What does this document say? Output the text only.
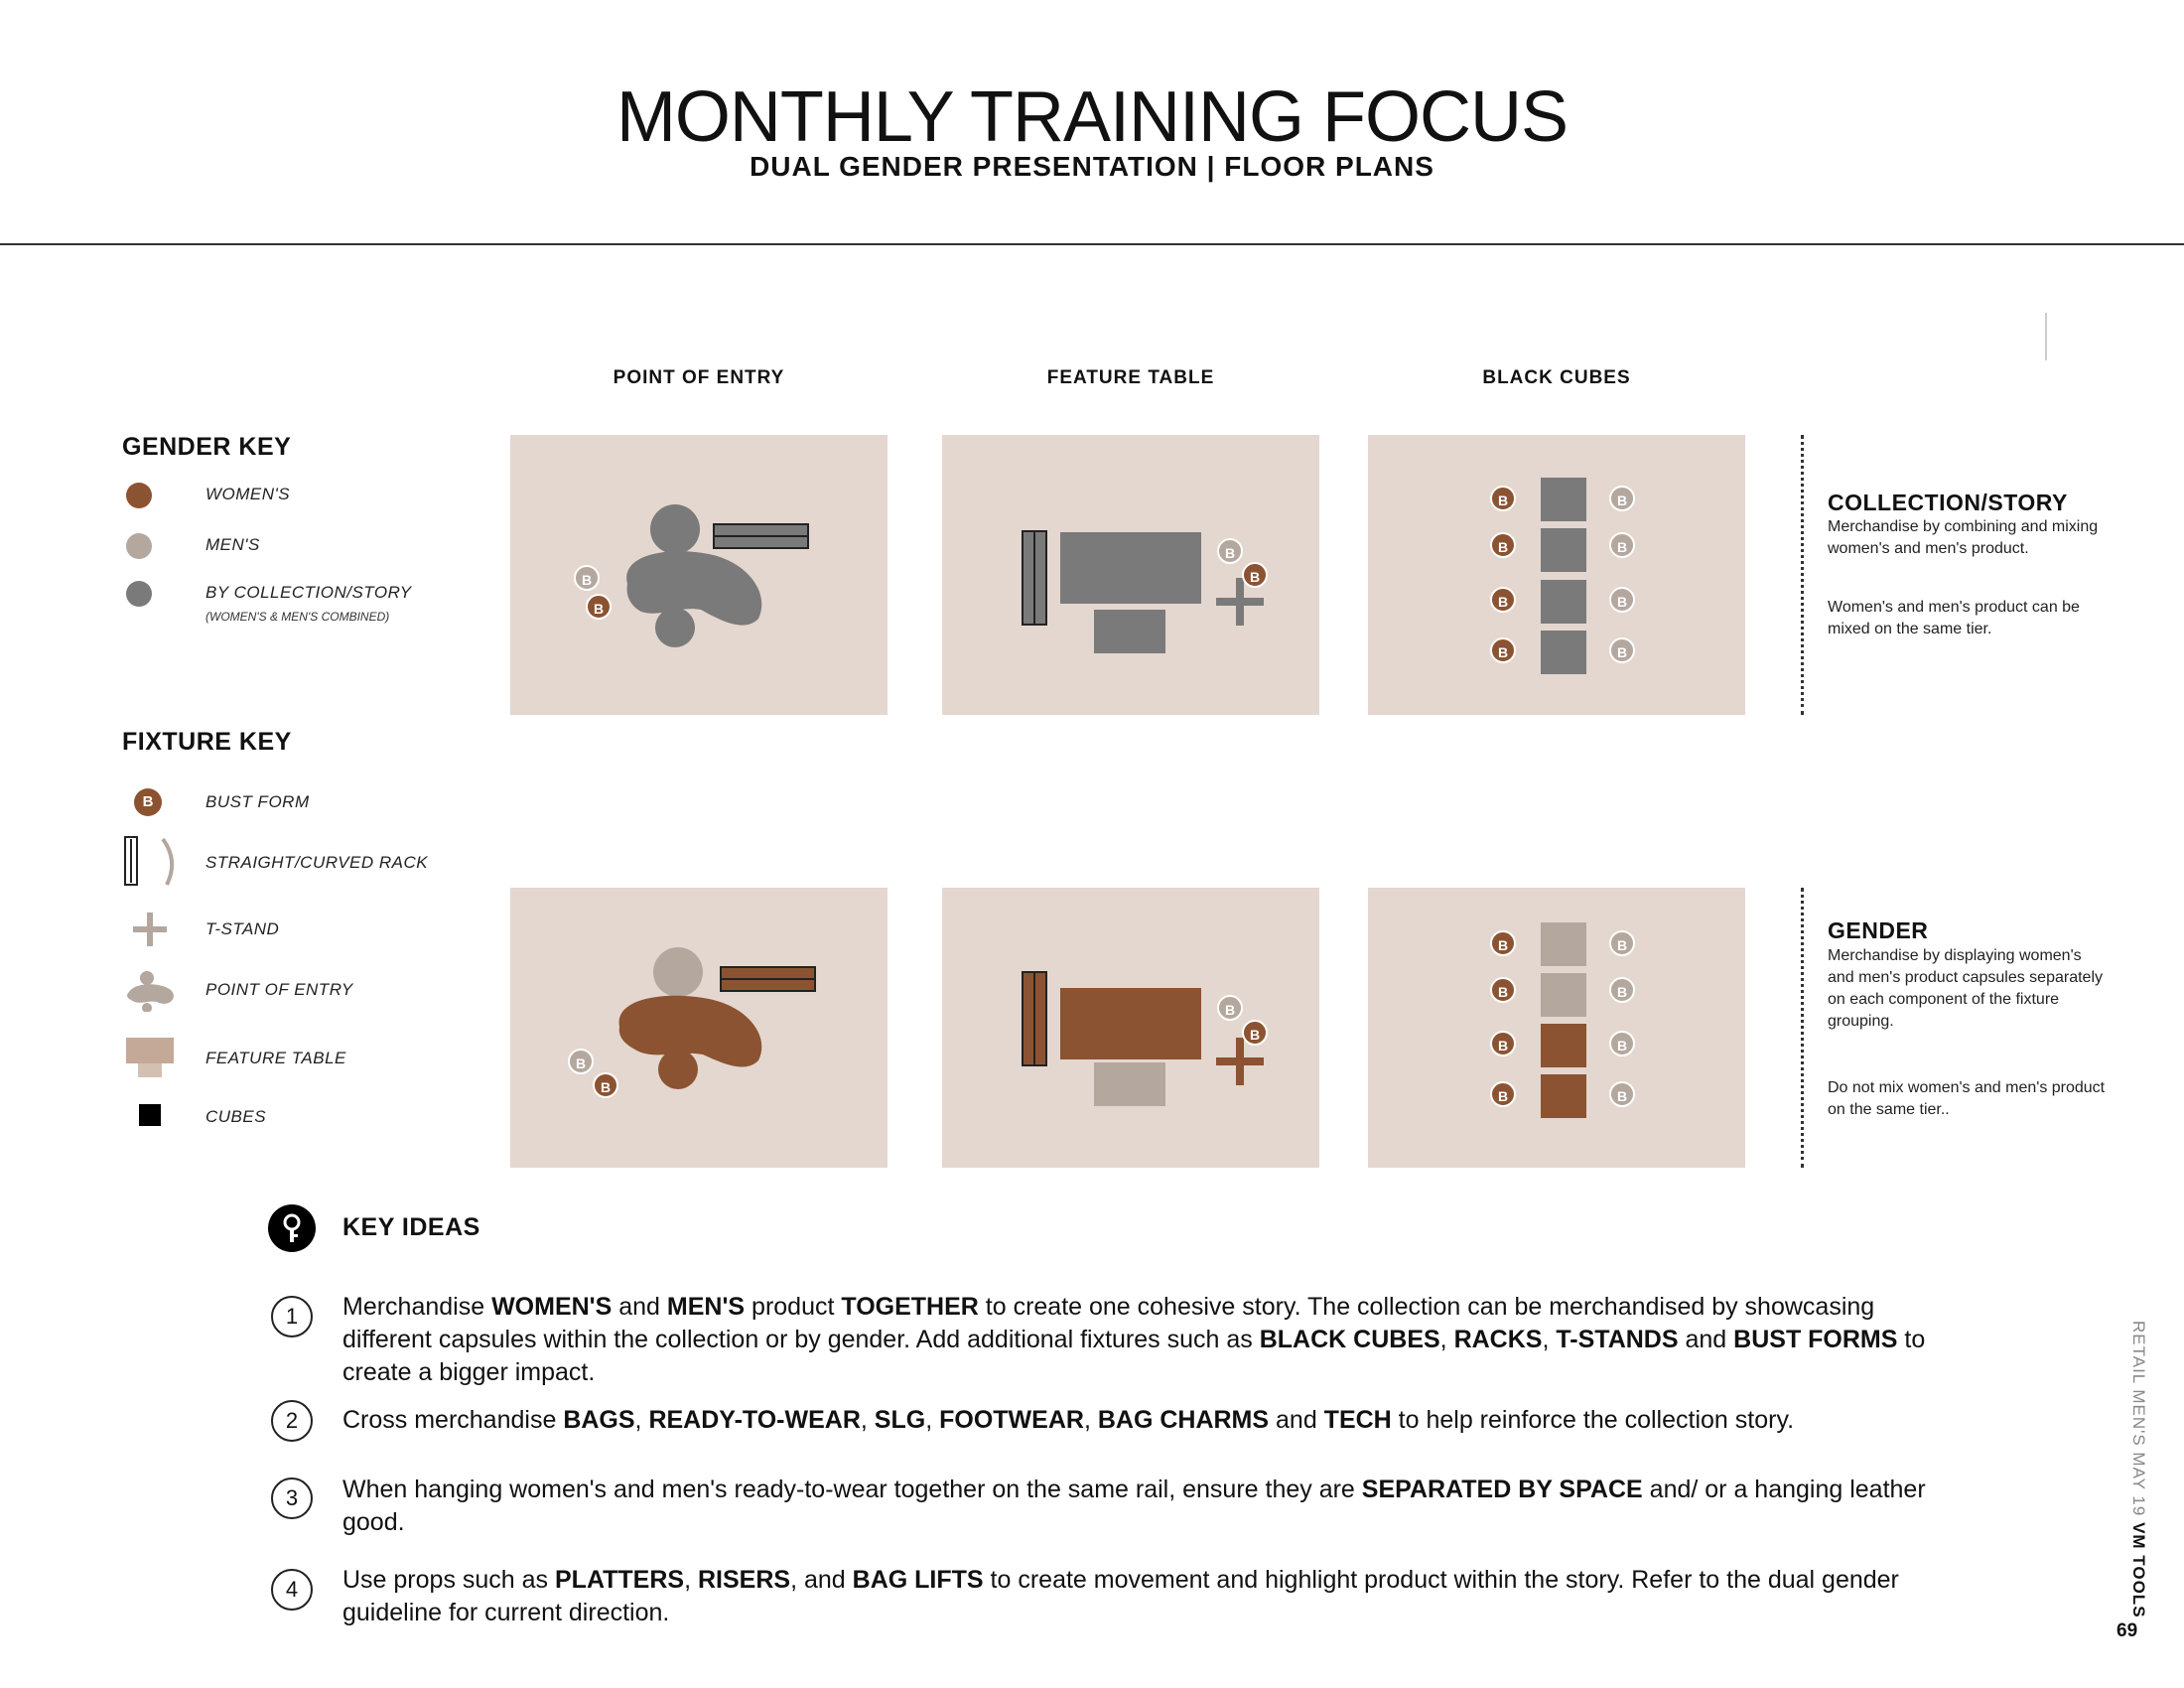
MONTHLY TRAINING FOCUS
DUAL GENDER PRESENTATION | FLOOR PLANS
POINT OF ENTRY	FEATURE TABLE	BLACK CUBES
GENDER KEY
WOMEN'S
MEN'S
BY COLLECTION/STORY
(WOMEN'S & MEN'S COMBINED)
FIXTURE KEY
B	BUST FORM
STRAIGHT/CURVED RACK
T-STAND
POINT OF ENTRY
FEATURE TABLE
CUBES
B
B
B
B
B
B
B
B
B
B
B
B
COLLECTION/STORY
Merchandise by combining and mixing women's and men's product.
Women's and men's product can be mixed on the same tier.
B
B
B
B
B
B
B
B
B
B
B
B
GENDER
Merchandise by displaying women's and men's product capsules separately on each component of the fixture grouping.
Do not mix women's and men's product on the same tier..
KEY IDEAS
1	Merchandise WOMEN'S and MEN'S product TOGETHER to create one cohesive story. The collection can be merchandised by showcasing different capsules within the collection or by gender. Add additional fixtures such as BLACK CUBES, RACKS, T-STANDS and BUST FORMS to create a bigger impact.
2	Cross merchandise BAGS, READY-TO-WEAR, SLG, FOOTWEAR, BAG CHARMS and TECH to help reinforce the collection story.
3	When hanging women's and men's ready-to-wear together on the same rail, ensure they are SEPARATED BY SPACE and/ or a hanging leather good.
4	Use props such as PLATTERS, RISERS, and BAG LIFTS to create movement and highlight product within the story. Refer to the dual gender guideline for current direction.
RETAIL MEN'S MAY 19 VM TOOLS
69
